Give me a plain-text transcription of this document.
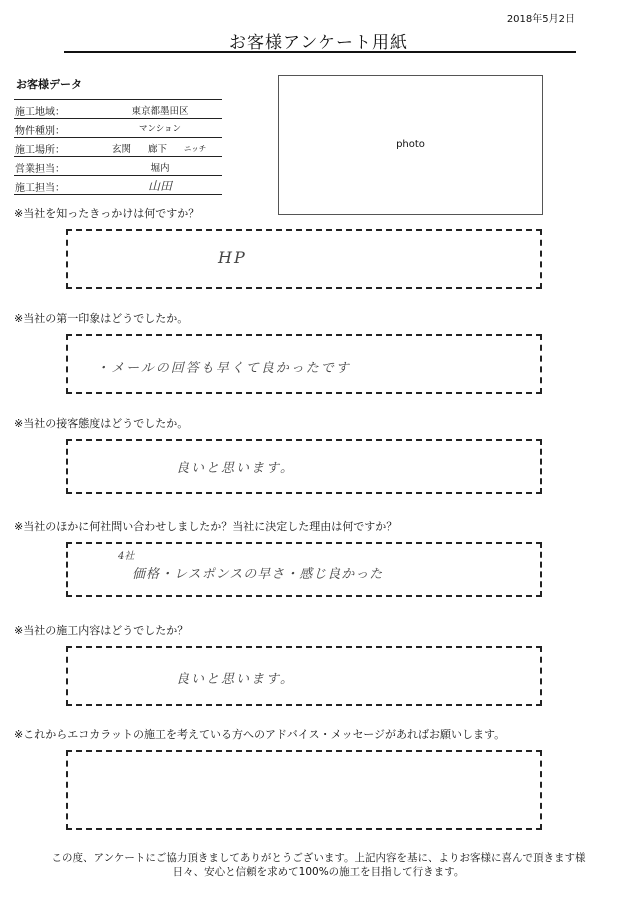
2018年5月2日
お客様アンケート用紙
お客様データ
施工地域：	東京都墨田区
物件種別：	マンション
施工場所：	玄関	廊下	ニッチ
営業担当：	堀内
施工担当：	山田
photo
※当社を知ったきっかけは何ですか？
HP
※当社の第一印象はどうでしたか。
・メールの回答も早くて良かったです
※当社の接客態度はどうでしたか。
良いと思います。
※当社のほかに何社問い合わせしましたか？当社に決定した理由は何ですか？
4社
価格・レスポンスの早さ・感じ良かった
※当社の施工内容はどうでしたか？
良いと思います。
※これからエコカラットの施工を考えている方へのアドバイス・メッセージがあればお願いします。
この度、アンケートにご協力頂きましてありがとうございます。上記内容を基に、よりお客様に喜んで頂きます様
日々、安心と信頼を求めて100%の施工を目指して行きます。
